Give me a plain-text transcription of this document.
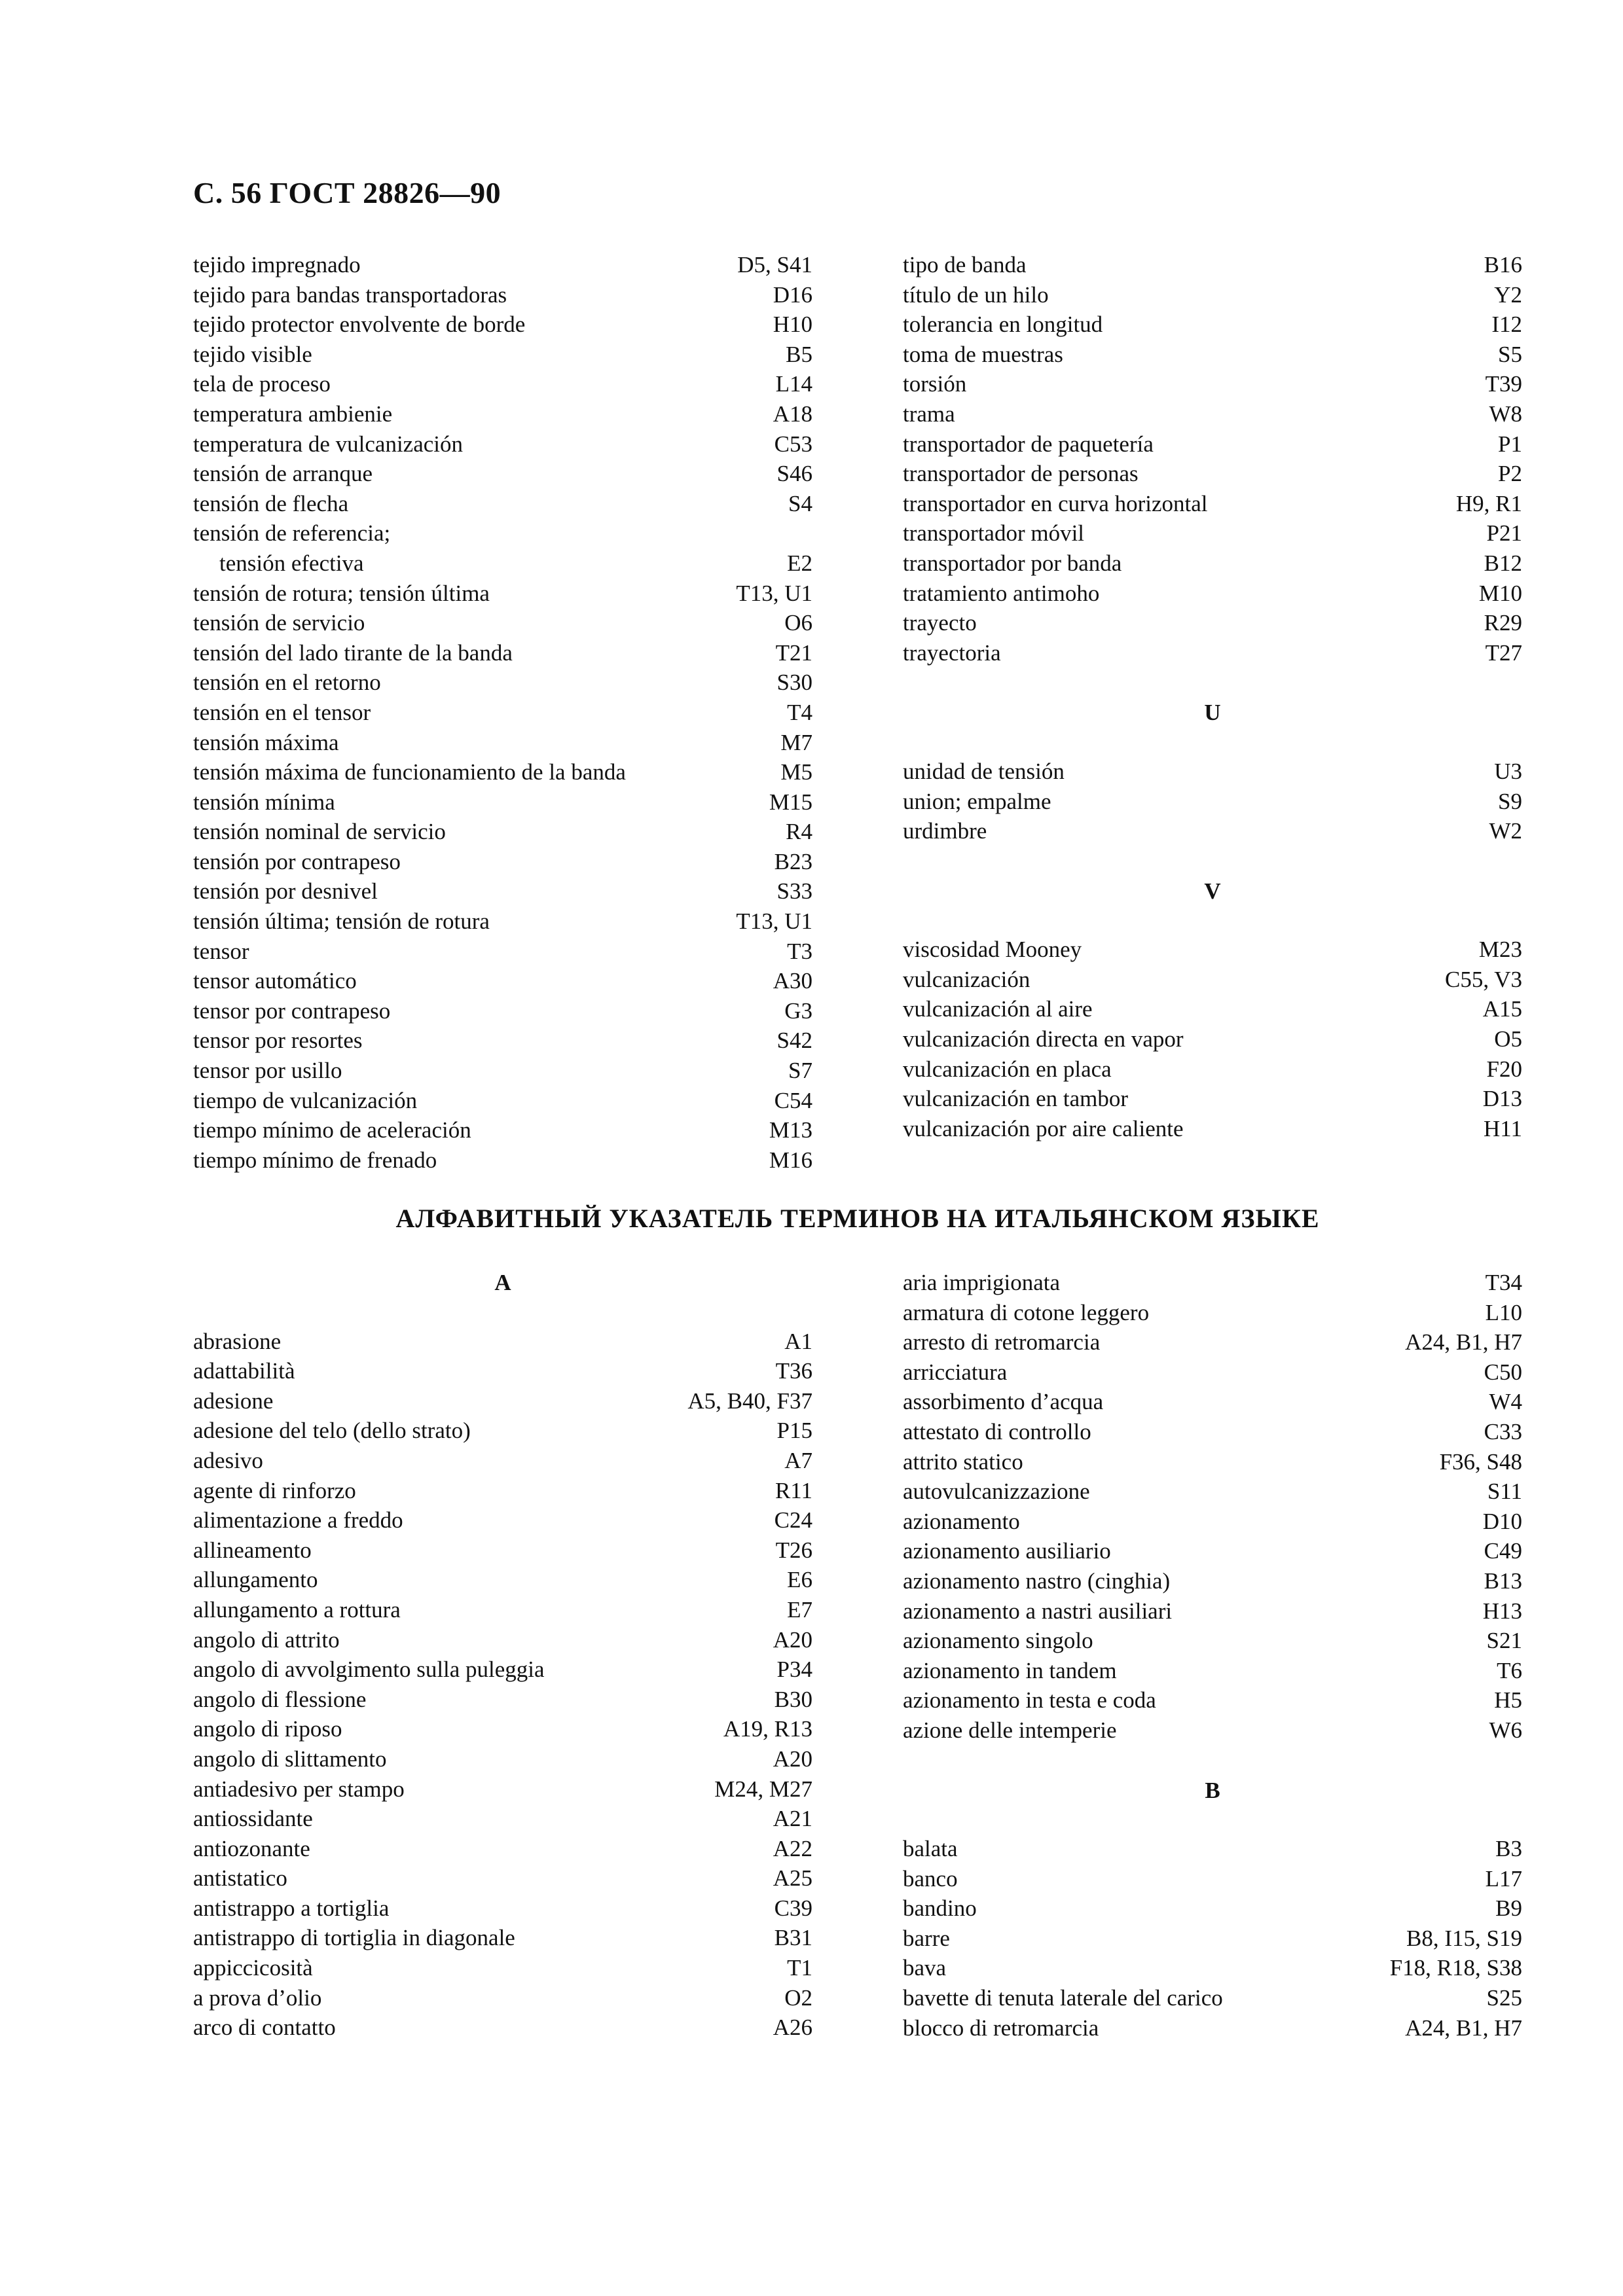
С. 56 ГОСТ 28826—90
tejido impregnado	D5, S41
tejido para bandas transportadoras	D16
tejido protector envolvente de borde	H10
tejido visible	B5
tela de proceso	L14
temperatura ambienie	A18
temperatura de vulcanización	C53
tensión de arranque	S46
tensión de flecha	S4
tensión de referencia;
tensión efectiva	E2
tensión de rotura; tensión última	T13, U1
tensión de servicio	O6
tensión del lado tirante de la banda	T21
tensión en el retorno	S30
tensión en el tensor	T4
tensión máxima	M7
tensión máxima de funcionamiento de la banda	M5
tensión mínima	M15
tensión nominal de servicio	R4
tensión por contrapeso	B23
tensión por desnivel	S33
tensión última; tensión de rotura	T13, U1
tensor	T3
tensor automático	A30
tensor por contrapeso	G3
tensor por resortes	S42
tensor por usillo	S7
tiempo de vulcanización	C54
tiempo mínimo de aceleración	M13
tiempo mínimo de frenado	M16
tipo de banda	B16
título de un hilo	Y2
tolerancia en longitud	I12
toma de muestras	S5
torsión	T39
trama	W8
transportador de paquetería	P1
transportador de personas	P2
transportador en curva horizontal	H9, R1
transportador móvil	P21
transportador por banda	B12
tratamiento antimoho	M10
trayecto	R29
trayectoria	T27
U
unidad de tensión	U3
union; empalme	S9
urdimbre	W2
V
viscosidad Mooney	M23
vulcanización	C55, V3
vulcanización al aire	A15
vulcanización directa en vapor	O5
vulcanización en placa	F20
vulcanización en tambor	D13
vulcanización por aire caliente	H11
АЛФАВИТНЫЙ УКАЗАТЕЛЬ ТЕРМИНОВ НА ИТАЛЬЯНСКОМ ЯЗЫКЕ
A
abrasione	A1
adattabilità	T36
adesione	A5, B40, F37
adesione del telo (dello strato)	P15
adesivo	A7
agente di rinforzo	R11
alimentazione a freddo	C24
allineamento	T26
allungamento	E6
allungamento a rottura	E7
angolo di attrito	A20
angolo di avvolgimento sulla puleggia	P34
angolo di flessione	B30
angolo di riposo	A19, R13
angolo di slittamento	A20
antiadesivo per stampo	M24, M27
antiossidante	A21
antiozonante	A22
antistatico	A25
antistrappo a tortiglia	C39
antistrappo di tortiglia in diagonale	B31
appiccicosità	T1
a prova d’olio	O2
arco di contatto	A26
aria imprigionata	T34
armatura di cotone leggero	L10
arresto di retromarcia	A24, B1, H7
arricciatura	C50
assorbimento d’acqua	W4
attestato di controllo	C33
attrito statico	F36, S48
autovulcanizzazione	S11
azionamento	D10
azionamento ausiliario	C49
azionamento nastro (cinghia)	B13
azionamento a nastri ausiliari	H13
azionamento singolo	S21
azionamento in tandem	T6
azionamento in testa e coda	H5
azione delle intemperie	W6
B
balata	B3
banco	L17
bandino	B9
barre	B8, I15, S19
bava	F18, R18, S38
bavette di tenuta laterale del carico	S25
blocco di retromarcia	A24, B1, H7
